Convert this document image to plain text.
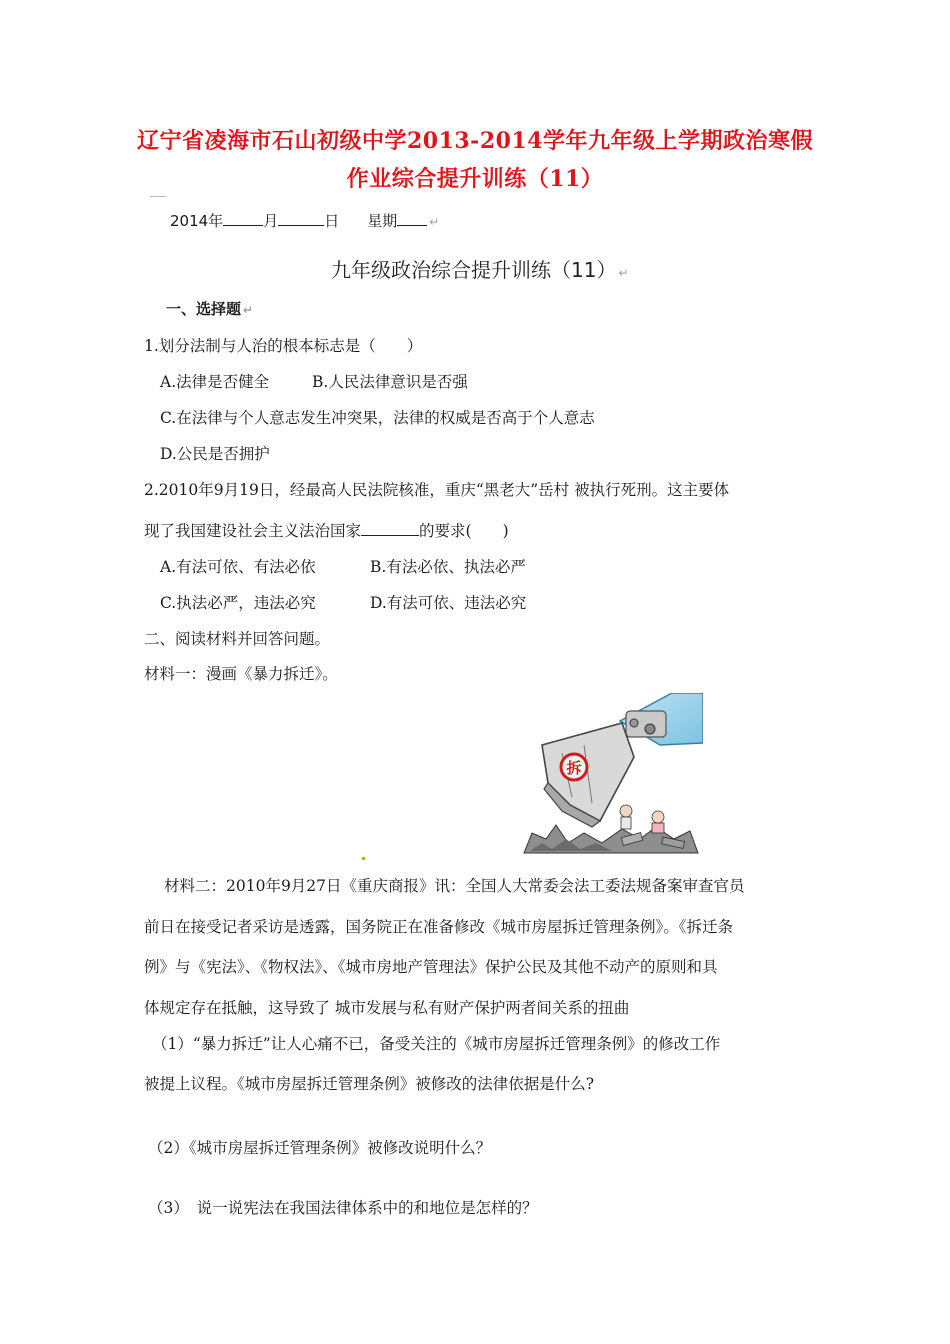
辽宁省凌海市石山初级中学2013-2014学年九年级上学期政治寒假
作业综合提升训练（11）
2014年	月	日 星期	↵
九年级政治综合提升训练（11） ↵
一、选择题 ↵
1.划分法制与人治的根本标志是（　　）
A.法律是否健全	B.人民法律意识是否强
C.在法律与个人意志发生冲突果，法律的权威是否高于个人意志
D.公民是否拥护
2.2010年9月19日，经最高人民法院核准，重庆“黑老大”岳村 被执行死刑。这主要体
现了我国建设社会主义法治国家	的要求(　　)
A.有法可依、有法必依	B.有法必依、执法必严
C.执法必严，违法必究	D.有法可依、违法必究
二、阅读材料并回答问题。
材料一：漫画《暴力拆迁》。
拆
材料二：2010年9月27日《重庆商报》讯：全国人大常委会法工委法规备案审查官员
前日在接受记者采访是透露，国务院正在准备修改《城市房屋拆迁管理条例》。《拆迁条
例》与《宪法》、《物权法》、《城市房地产管理法》保护公民及其他不动产的原则和具
体规定存在抵触，这导致了 城市发展与私有财产保护两者间关系的扭曲
（1）“暴力拆迁”让人心痛不已，备受关注的《城市房屋拆迁管理条例》的修改工作
被提上议程。《城市房屋拆迁管理条例》被修改的法律依据是什么?
（2）《城市房屋拆迁管理条例》被修改说明什么？
（3）　说一说宪法在我国法律体系中的和地位是怎样的？
